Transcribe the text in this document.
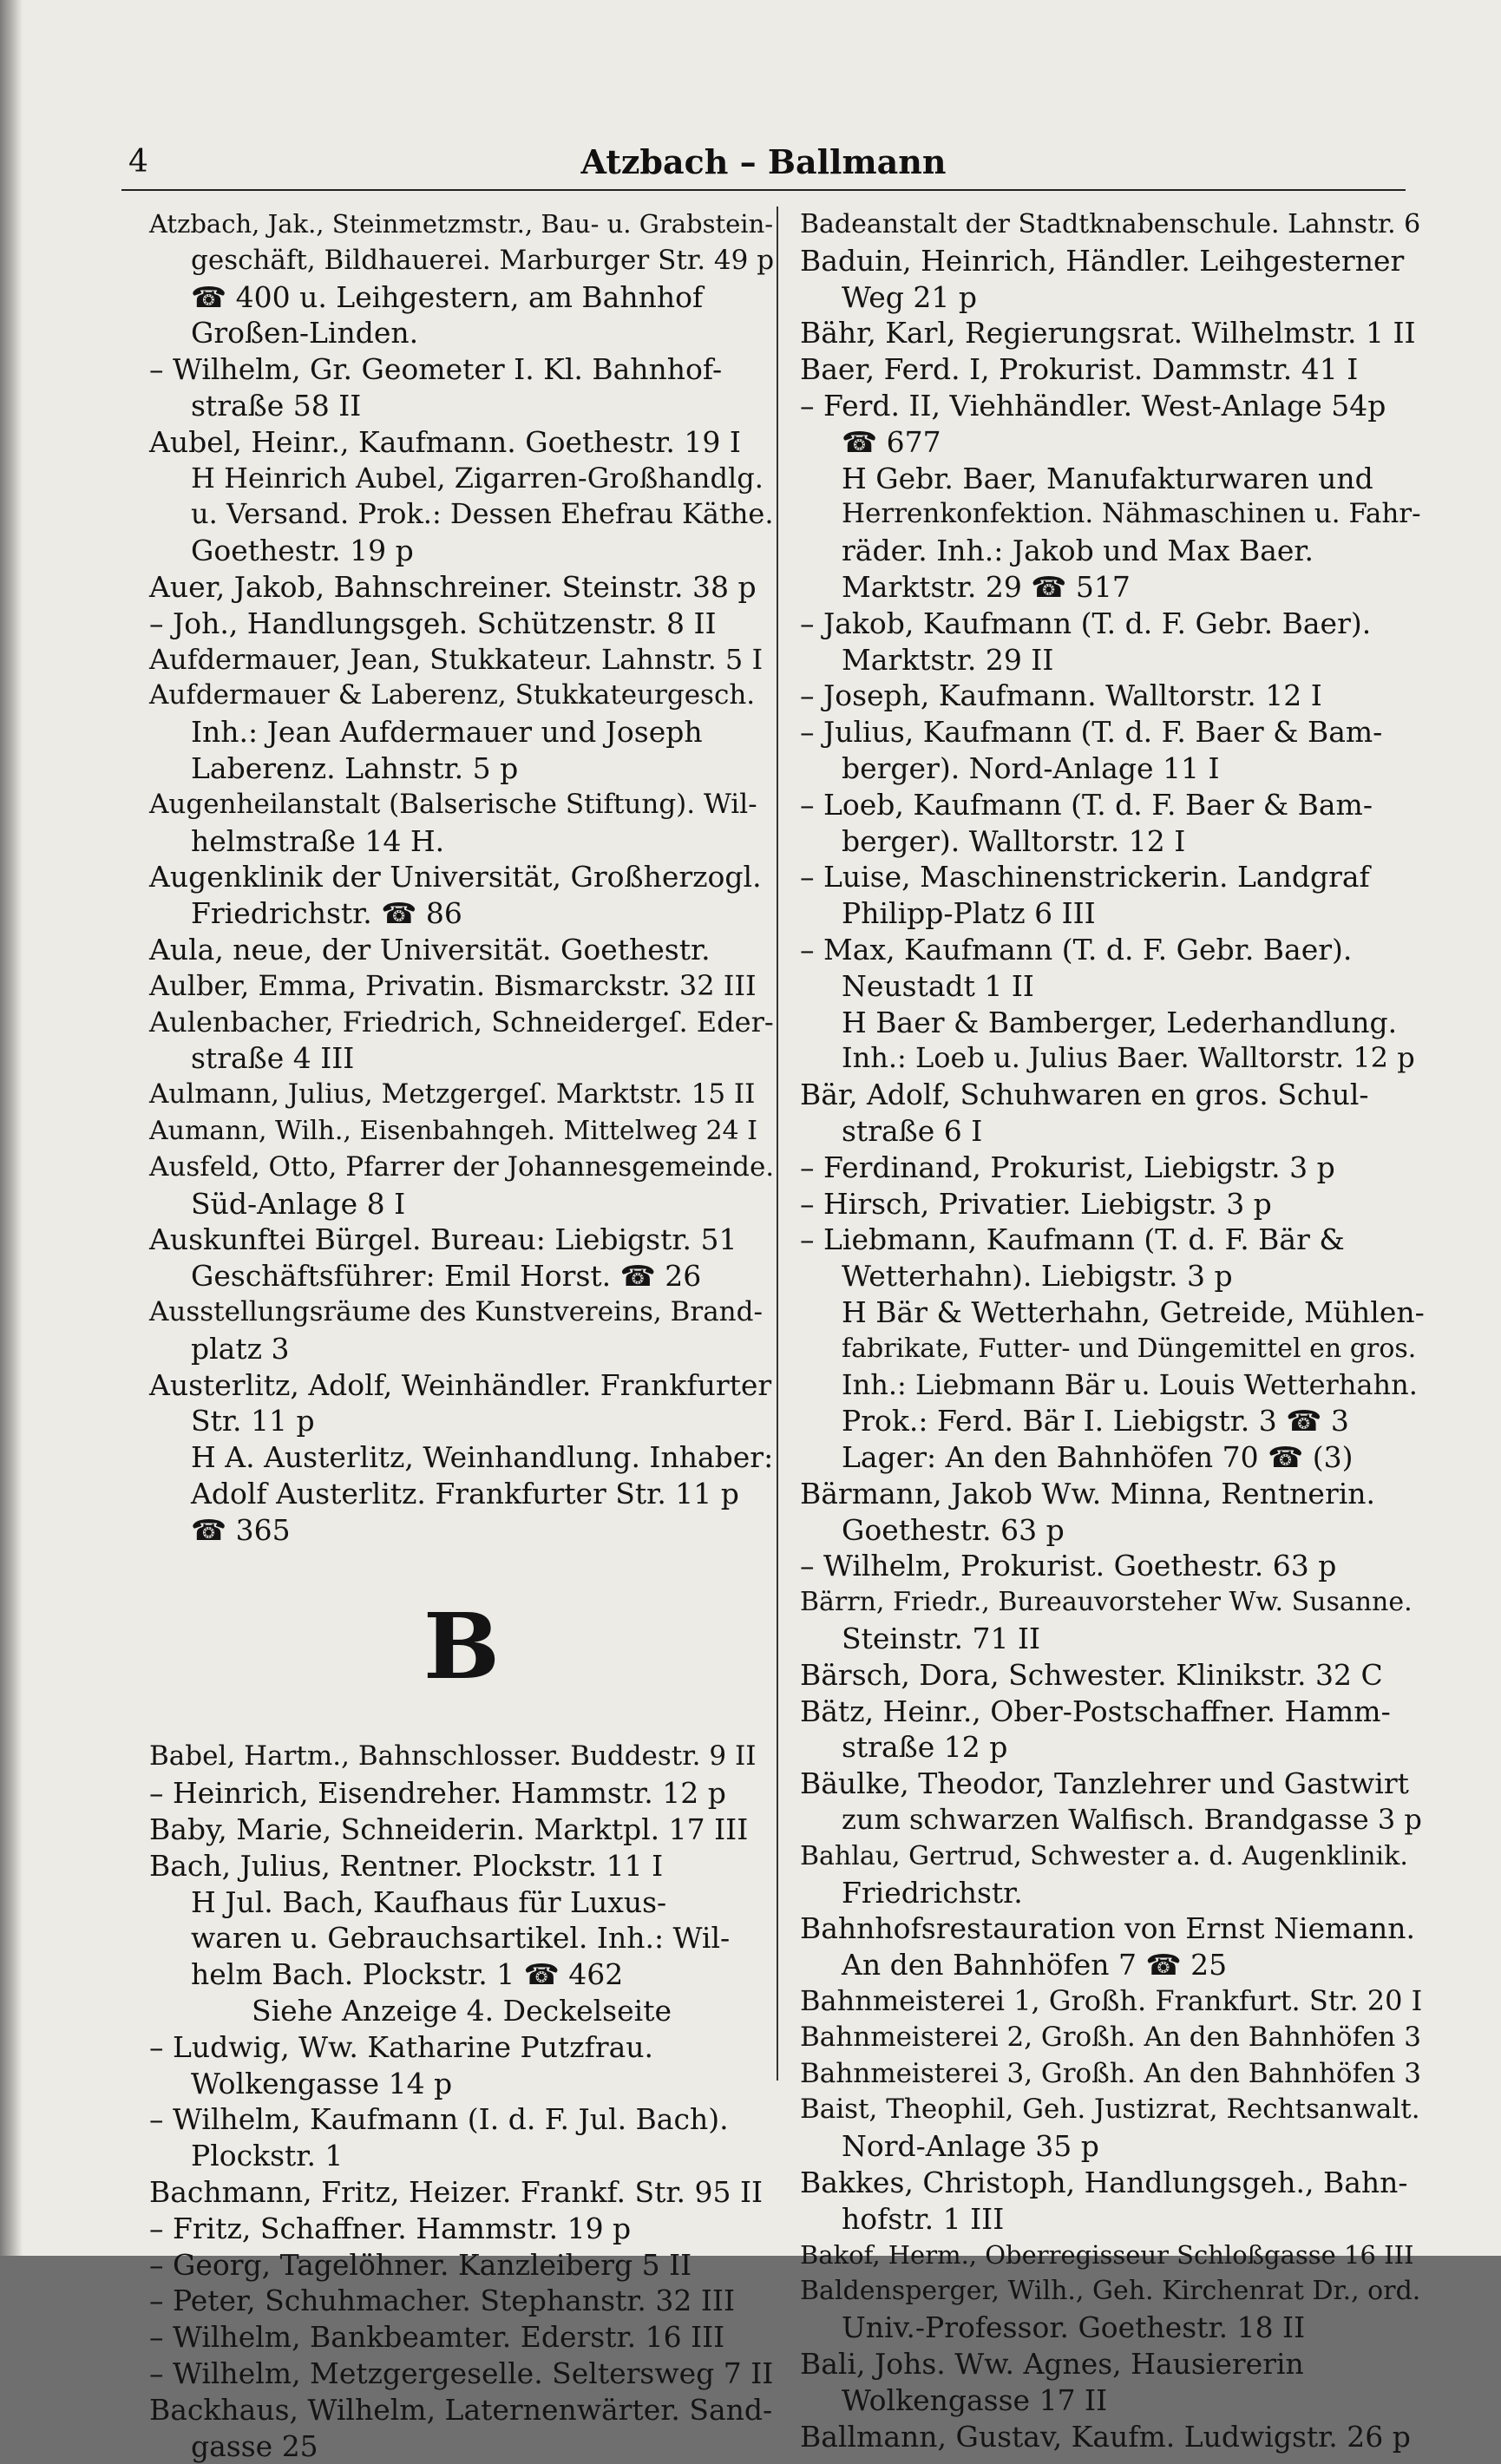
4	Atzbach – Ballmann
Atzbach, Jak., Steinmetzmstr., Bau- u. Grabstein-
geschäft, Bildhauerei. Marburger Str. 49 p
☎ 400 u. Leihgestern, am Bahnhof
Großen-Linden.
– Wilhelm, Gr. Geometer I. Kl. Bahnhof-
straße 58 II
Aubel, Heinr., Kaufmann. Goethestr. 19 I
H Heinrich Aubel, Zigarren-Großhandlg.
u. Versand. Prok.: Dessen Ehefrau Käthe.
Goethestr. 19 p
Auer, Jakob, Bahnschreiner. Steinstr. 38 p
– Joh., Handlungsgeh. Schützenstr. 8 II
Aufdermauer, Jean, Stukkateur. Lahnstr. 5 I
Aufdermauer & Laberenz, Stukkateurgesch.
Inh.: Jean Aufdermauer und Joseph
Laberenz. Lahnstr. 5 p
Augenheilanstalt (Balserische Stiftung). Wil-
helmstraße 14 H.
Augenklinik der Universität, Großherzogl.
Friedrichstr. ☎ 86
Aula, neue, der Universität. Goethestr.
Aulber, Emma, Privatin. Bismarckstr. 32 III
Aulenbacher, Friedrich, Schneidergeſ. Eder-
straße 4 III
Aulmann, Julius, Metzgergeſ. Marktstr. 15 II
Aumann, Wilh., Eisenbahngeh. Mittelweg 24 I
Ausfeld, Otto, Pfarrer der Johannesgemeinde.
Süd-Anlage 8 I
Auskunftei Bürgel. Bureau: Liebigstr. 51
Geschäftsführer: Emil Horst. ☎ 26
Ausstellungsräume des Kunstvereins, Brand-
platz 3
Austerlitz, Adolf, Weinhändler. Frankfurter
Str. 11 p
H A. Austerlitz, Weinhandlung. Inhaber:
Adolf Austerlitz. Frankfurter Str. 11 p
☎ 365
B
Babel, Hartm., Bahnschlosser. Buddestr. 9 II
– Heinrich, Eisendreher. Hammstr. 12 p
Baby, Marie, Schneiderin. Marktpl. 17 III
Bach, Julius, Rentner. Plockstr. 11 I
H Jul. Bach, Kaufhaus für Luxus-
waren u. Gebrauchsartikel. Inh.: Wil-
helm Bach. Plockstr. 1 ☎ 462
Siehe Anzeige 4. Deckelseite
– Ludwig, Ww. Katharine Putzfrau.
Wolkengasse 14 p
– Wilhelm, Kaufmann (I. d. F. Jul. Bach).
Plockstr. 1
Bachmann, Fritz, Heizer. Frankf. Str. 95 II
– Fritz, Schaffner. Hammstr. 19 p
– Georg, Tagelöhner. Kanzleiberg 5 II
– Peter, Schuhmacher. Stephanstr. 32 III
– Wilhelm, Bankbeamter. Ederstr. 16 III
– Wilhelm, Metzgergeselle. Seltersweg 7 II
Backhaus, Wilhelm, Laternenwärter. Sand-
gasse 25
Badeanstalt der Stadtknabenschule. Lahnstr. 6
Baduin, Heinrich, Händler. Leihgesterner
Weg 21 p
Bähr, Karl, Regierungsrat. Wilhelmstr. 1 II
Baer, Ferd. I, Prokurist. Dammstr. 41 I
– Ferd. II, Viehhändler. West-Anlage 54p
☎ 677
H Gebr. Baer, Manufakturwaren und
Herrenkonfektion. Nähmaschinen u. Fahr-
räder. Inh.: Jakob und Max Baer.
Marktstr. 29 ☎ 517
– Jakob, Kaufmann (T. d. F. Gebr. Baer).
Marktstr. 29 II
– Joseph, Kaufmann. Walltorstr. 12 I
– Julius, Kaufmann (T. d. F. Baer & Bam-
berger). Nord-Anlage 11 I
– Loeb, Kaufmann (T. d. F. Baer & Bam-
berger). Walltorstr. 12 I
– Luise, Maschinenstrickerin. Landgraf
Philipp-Platz 6 III
– Max, Kaufmann (T. d. F. Gebr. Baer).
Neustadt 1 II
H Baer & Bamberger, Lederhandlung.
Inh.: Loeb u. Julius Baer. Walltorstr. 12 p
Bär, Adolf, Schuhwaren en gros. Schul-
straße 6 I
– Ferdinand, Prokurist, Liebigstr. 3 p
– Hirsch, Privatier. Liebigstr. 3 p
– Liebmann, Kaufmann (T. d. F. Bär &
Wetterhahn). Liebigstr. 3 p
H Bär & Wetterhahn, Getreide, Mühlen-
fabrikate, Futter- und Düngemittel en gros.
Inh.: Liebmann Bär u. Louis Wetterhahn.
Prok.: Ferd. Bär I. Liebigstr. 3 ☎ 3
Lager: An den Bahnhöfen 70 ☎ (3)
Bärmann, Jakob Ww. Minna, Rentnerin.
Goethestr. 63 p
– Wilhelm, Prokurist. Goethestr. 63 p
Bärrn, Friedr., Bureauvorsteher Ww. Susanne.
Steinstr. 71 II
Bärsch, Dora, Schwester. Klinikstr. 32 C
Bätz, Heinr., Ober-Postschaffner. Hamm-
straße 12 p
Bäulke, Theodor, Tanzlehrer und Gastwirt
zum schwarzen Walfisch. Brandgasse 3 p
Bahlau, Gertrud, Schwester a. d. Augenklinik.
Friedrichstr.
Bahnhofsrestauration von Ernst Niemann.
An den Bahnhöfen 7 ☎ 25
Bahnmeisterei 1, Großh. Frankfurt. Str. 20 I
Bahnmeisterei 2, Großh. An den Bahnhöfen 3
Bahnmeisterei 3, Großh. An den Bahnhöfen 3
Baist, Theophil, Geh. Justizrat, Rechtsanwalt.
Nord-Anlage 35 p
Bakkes, Christoph, Handlungsgeh., Bahn-
hofstr. 1 III
Bakof, Herm., Oberregisseur Schloßgasse 16 III
Baldensperger, Wilh., Geh. Kirchenrat Dr., ord.
Univ.-Professor. Goethestr. 18 II
Bali, Johs. Ww. Agnes, Hausiererin
Wolkengasse 17 II
Ballmann, Gustav, Kaufm. Ludwigstr. 26 p
